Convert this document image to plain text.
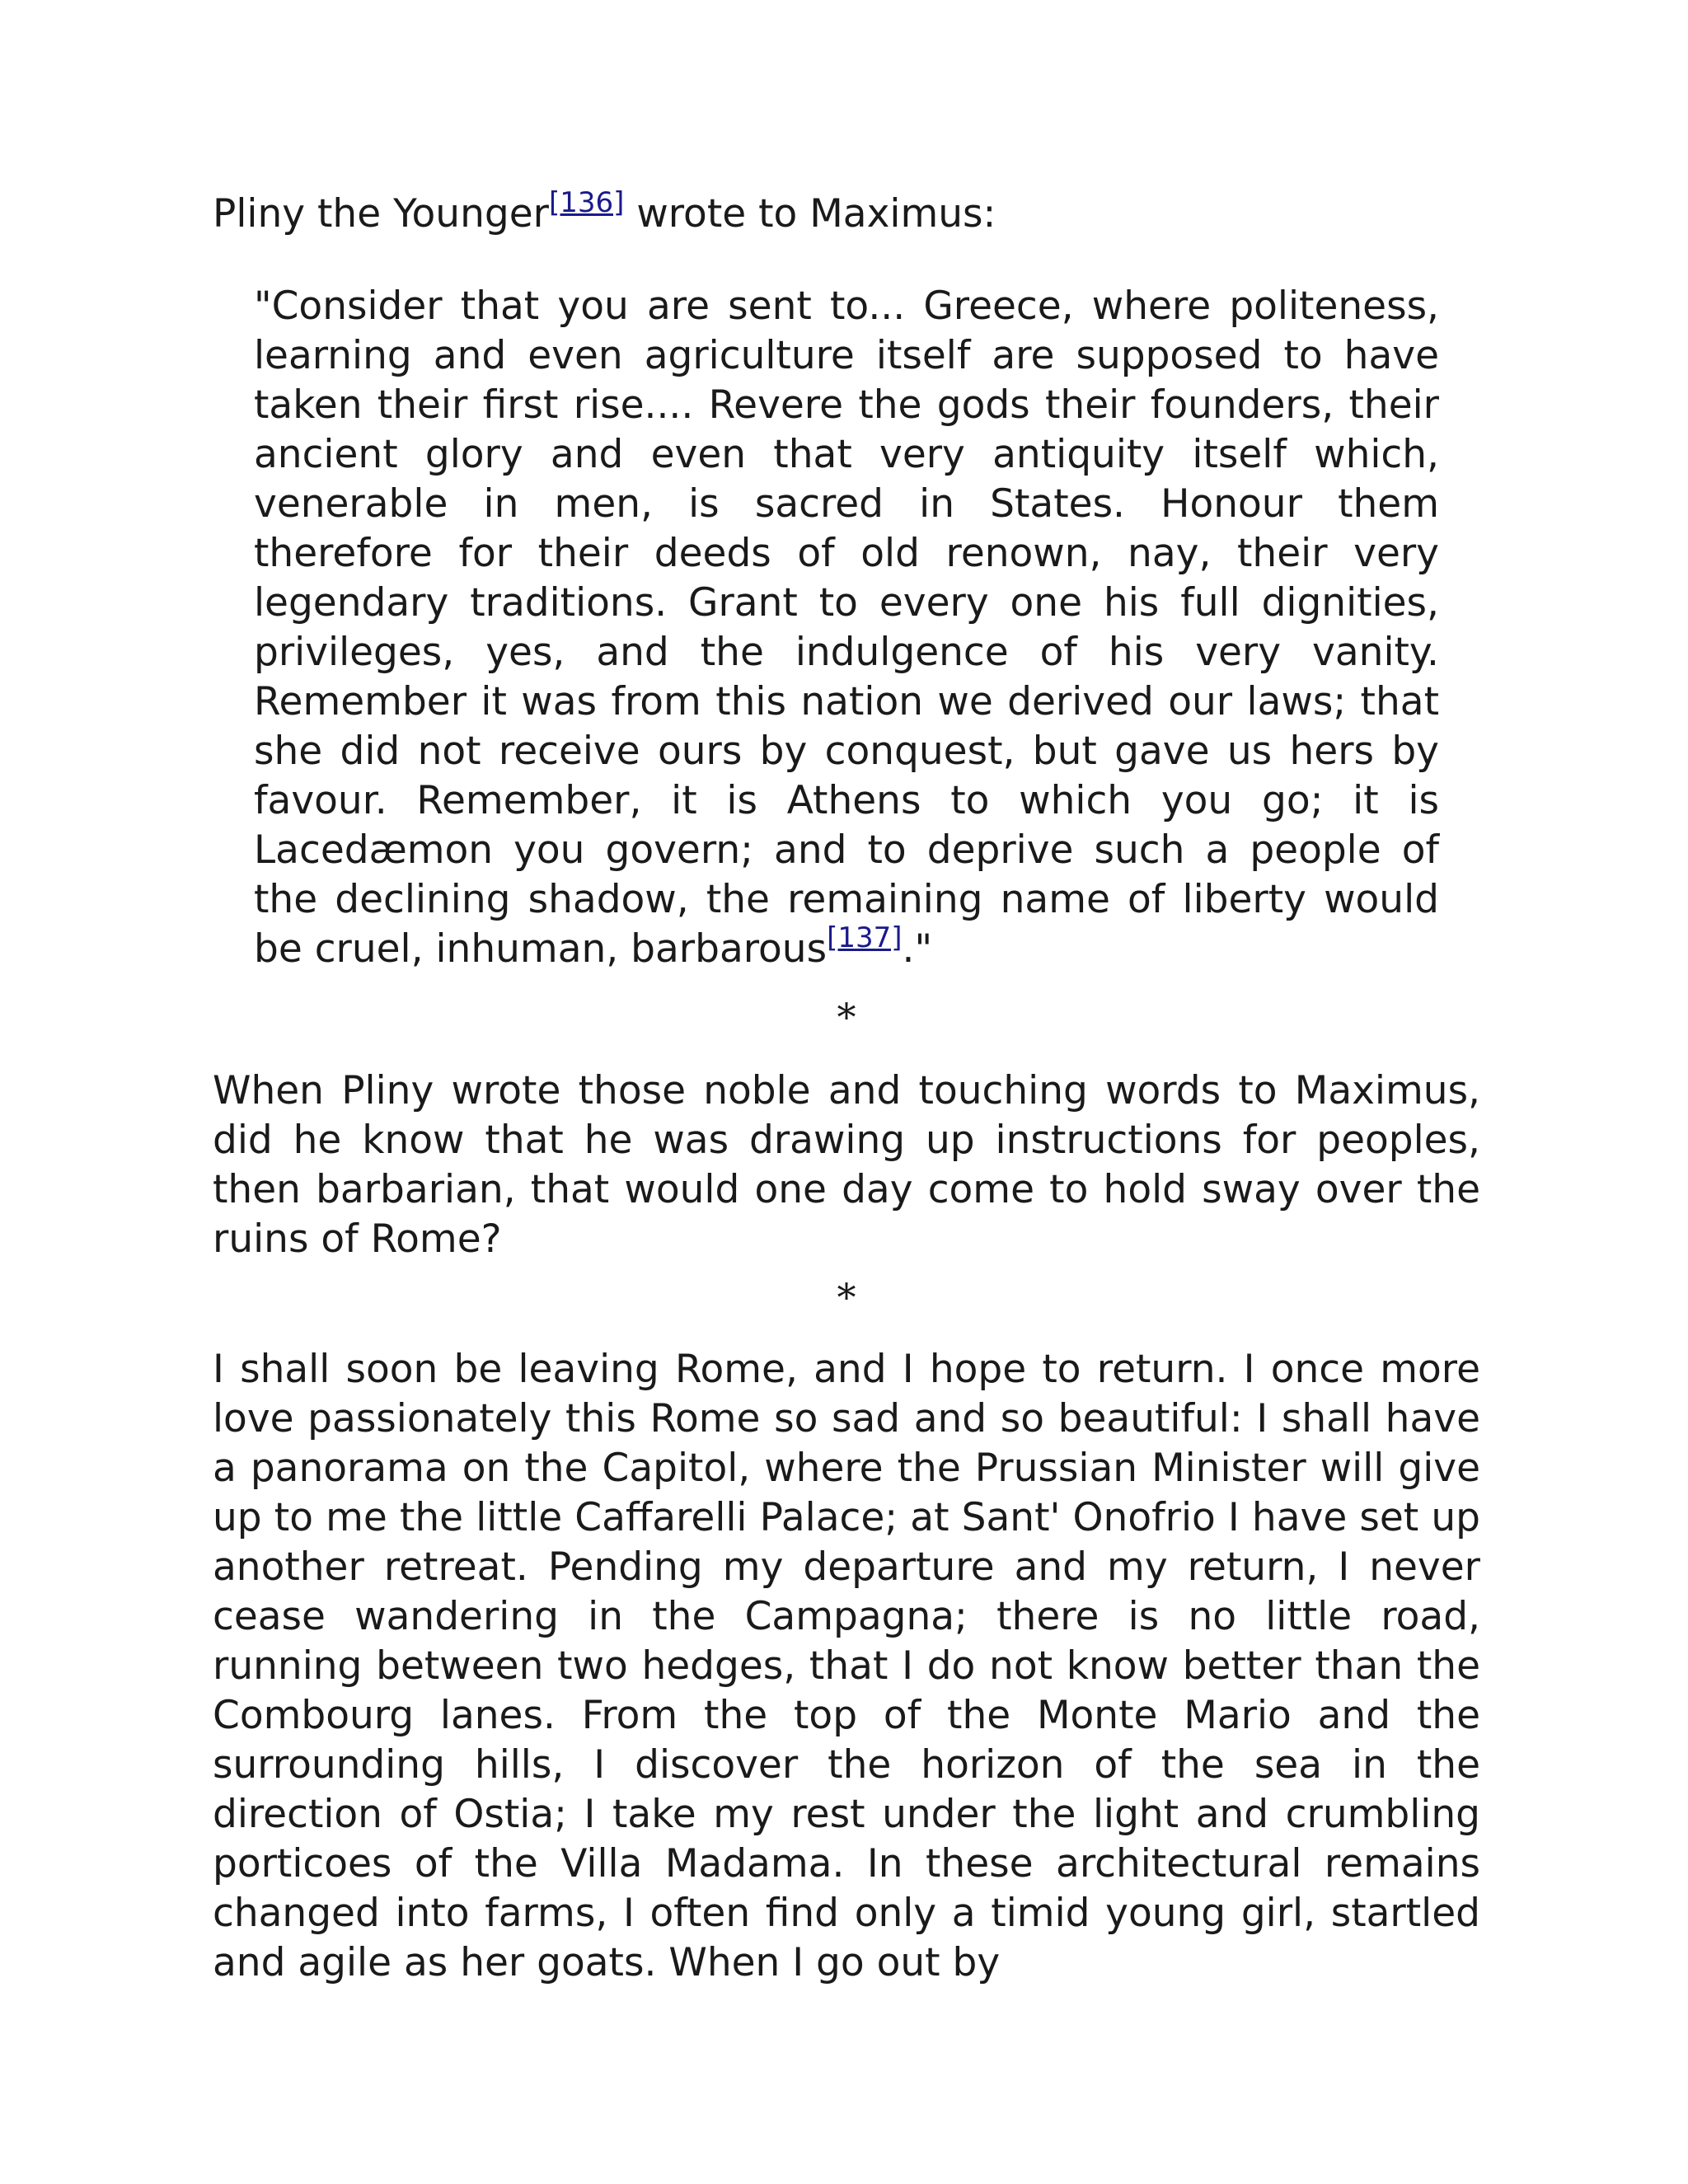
Pliny the Younger[136] wrote to Maximus:

"Consider that you are sent to... Greece, where politeness, learning and even agriculture itself are supposed to have taken their first rise.... Revere the gods their founders, their ancient glory and even that very antiquity itself which, venerable in men, is sacred in States. Honour them therefore for their deeds of old renown, nay, their very legendary traditions. Grant to every one his full dignities, privileges, yes, and the indulgence of his very vanity. Remember it was from this nation we derived our laws; that she did not receive ours by conquest, but gave us hers by favour. Remember, it is Athens to which you go; it is Lacedæmon you govern; and to deprive such a people of the declining shadow, the remaining name of liberty would be cruel, inhuman, barbarous[137]."

*

When Pliny wrote those noble and touching words to Maximus, did he know that he was drawing up instructions for peoples, then barbarian, that would one day come to hold sway over the ruins of Rome?

*

I shall soon be leaving Rome, and I hope to return. I once more love passionately this Rome so sad and so beautiful: I shall have a panorama on the Capitol, where the Prussian Minister will give up to me the little Caffarelli Palace; at Sant' Onofrio I have set up another retreat. Pending my departure and my return, I never cease wandering in the Campagna; there is no little road, running between two hedges, that I do not know better than the Combourg lanes. From the top of the Monte Mario and the surrounding hills, I discover the horizon of the sea in the direction of Ostia; I take my rest under the light and crumbling porticoes of the Villa Madama. In these architectural remains changed into farms, I often find only a timid young girl, startled and agile as her goats. When I go out by
